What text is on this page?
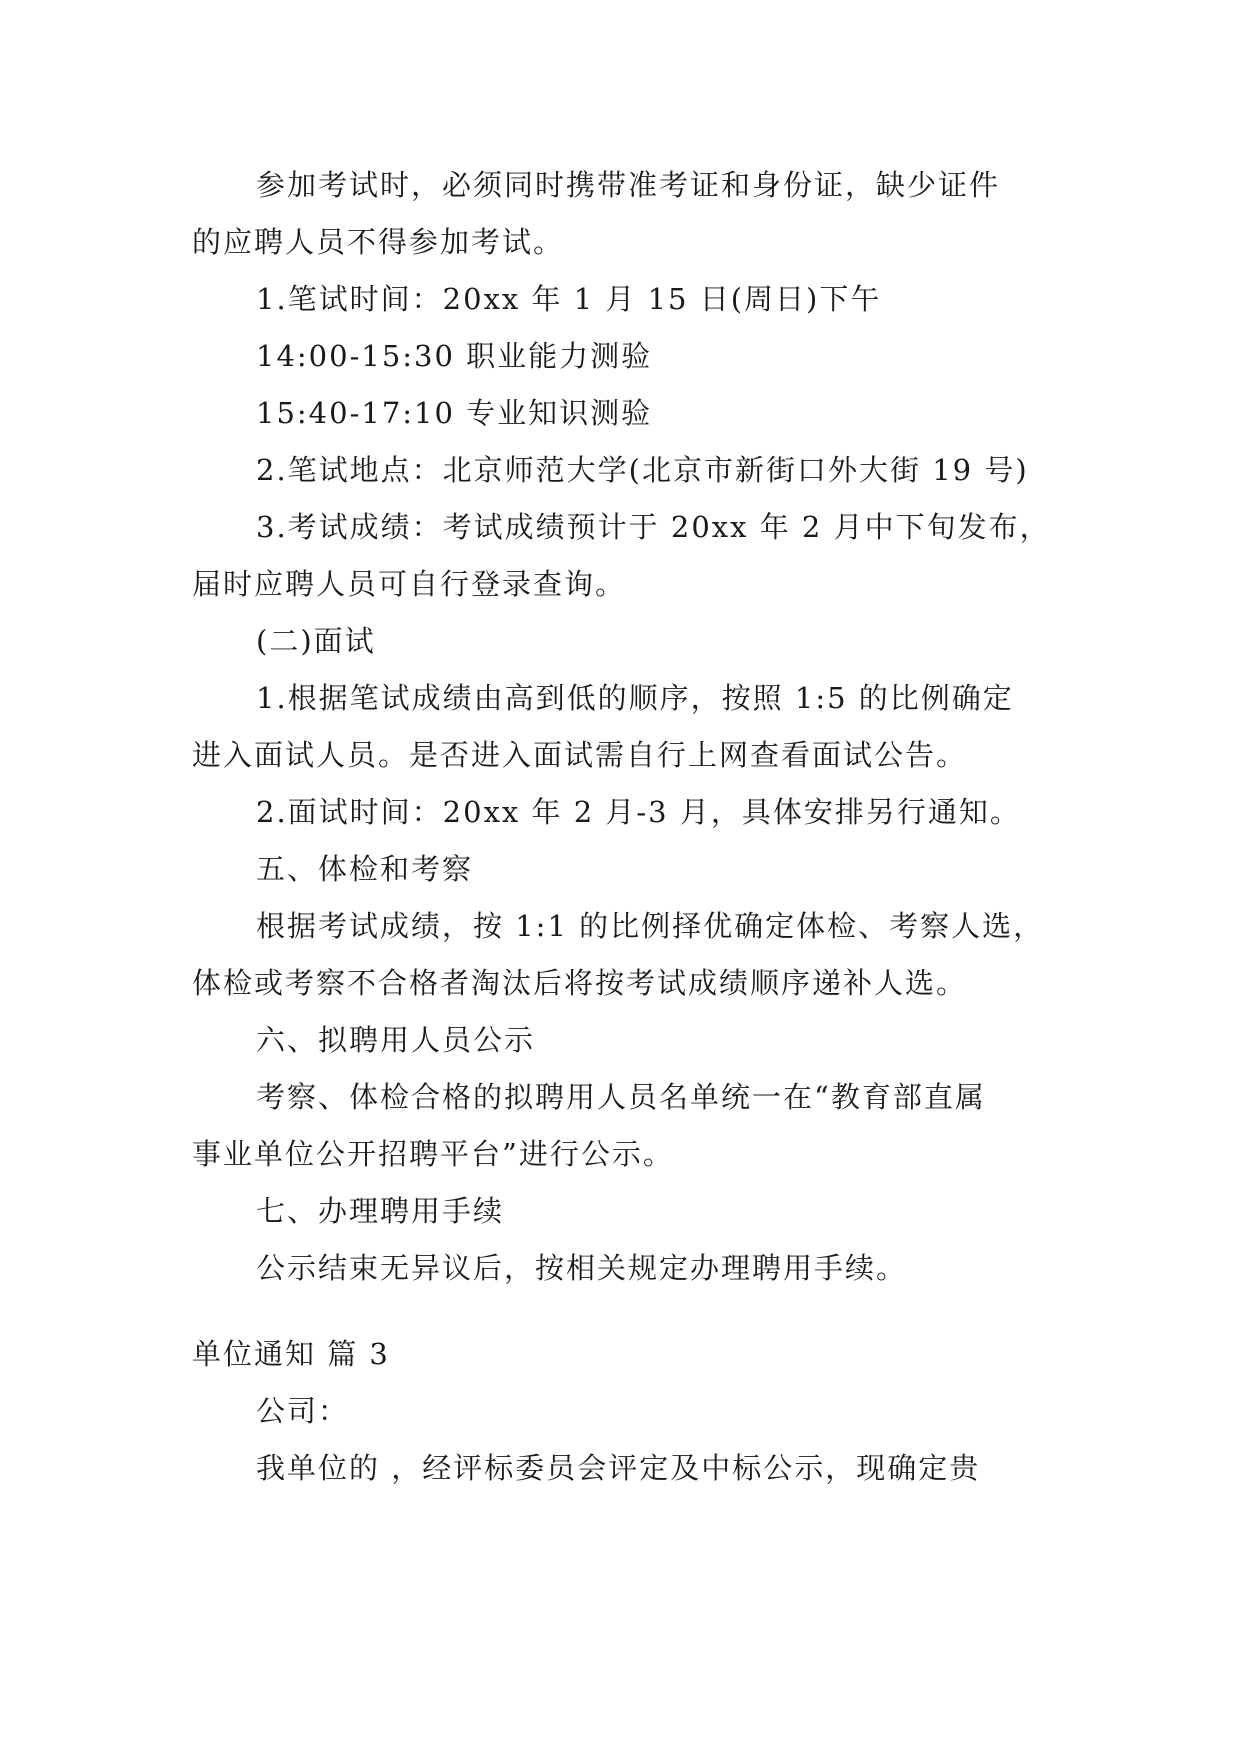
参加考试时，必须同时携带准考证和身份证，缺少证件
的应聘人员不得参加考试。
1.笔试时间：20xx 年 1 月 15 日(周日)下午
14:00-15:30 职业能力测验
15:40-17:10 专业知识测验
2.笔试地点：北京师范大学(北京市新街口外大街 19 号)
3.考试成绩：考试成绩预计于 20xx 年 2 月中下旬发布，
届时应聘人员可自行登录查询。
(二)面试
1.根据笔试成绩由高到低的顺序，按照 1:5 的比例确定
进入面试人员。是否进入面试需自行上网查看面试公告。
2.面试时间：20xx 年 2 月-3 月，具体安排另行通知。
五、体检和考察
根据考试成绩，按 1:1 的比例择优确定体检、考察人选，
体检或考察不合格者淘汰后将按考试成绩顺序递补人选。
六、拟聘用人员公示
考察、体检合格的拟聘用人员名单统一在“教育部直属
事业单位公开招聘平台”进行公示。
七、办理聘用手续
公示结束无异议后，按相关规定办理聘用手续。
单位通知 篇 3
公司：
我单位的 ，经评标委员会评定及中标公示，现确定贵
